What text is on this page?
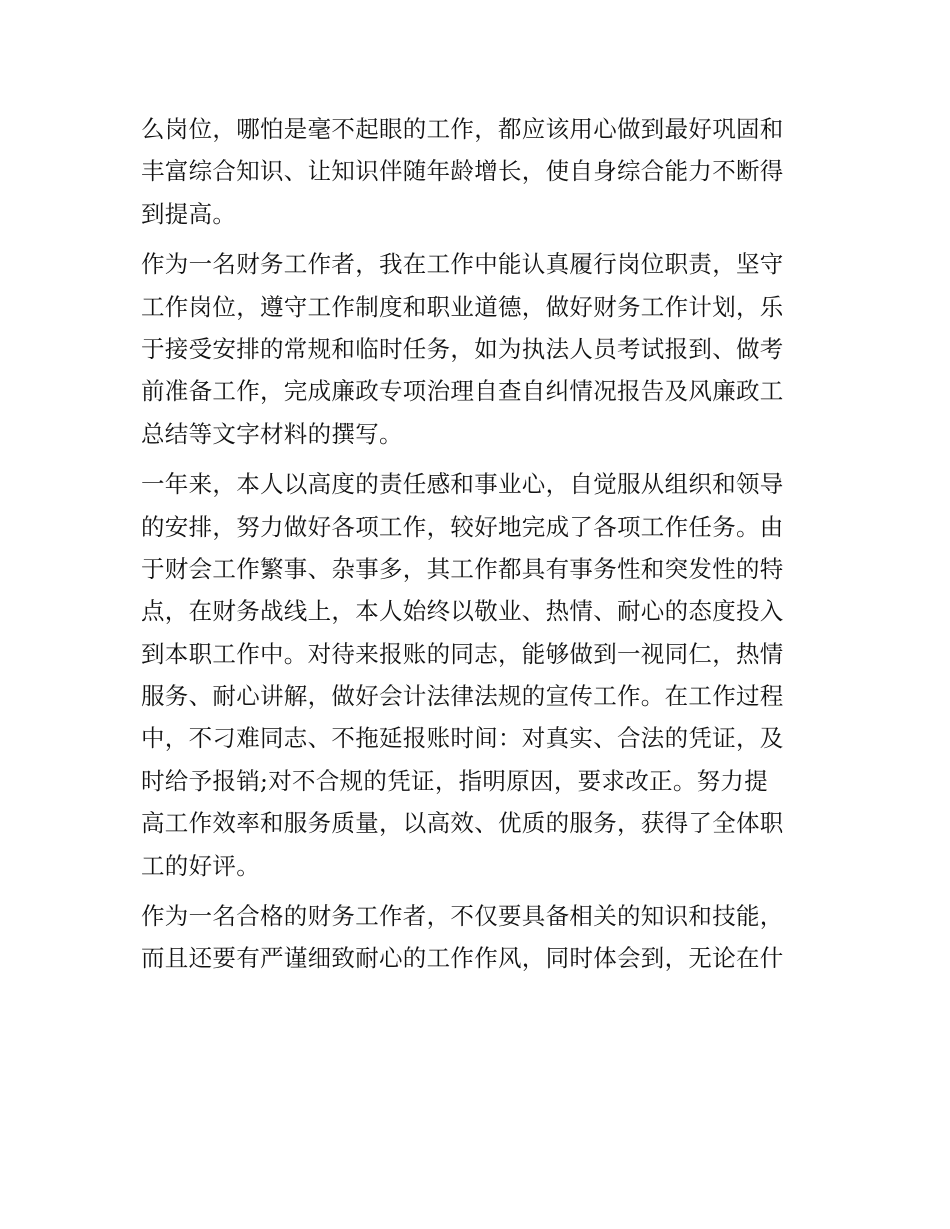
么岗位，哪怕是毫不起眼的工作，都应该用心做到最好巩固和
丰富综合知识、让知识伴随年龄增长，使自身综合能力不断得
到提高。
作为一名财务工作者，我在工作中能认真履行岗位职责，坚守
工作岗位，遵守工作制度和职业道德，做好财务工作计划，乐
于接受安排的常规和临时任务，如为执法人员考试报到、做考
前准备工作，完成廉政专项治理自查自纠情况报告及风廉政工
总结等文字材料的撰写。
一年来，本人以高度的责任感和事业心，自觉服从组织和领导
的安排，努力做好各项工作，较好地完成了各项工作任务。由
于财会工作繁事、杂事多，其工作都具有事务性和突发性的特
点，在财务战线上，本人始终以敬业、热情、耐心的态度投入
到本职工作中。对待来报账的同志，能够做到一视同仁，热情
服务、耐心讲解，做好会计法律法规的宣传工作。在工作过程
中，不刁难同志、不拖延报账时间：对真实、合法的凭证，及
时给予报销;对不合规的凭证，指明原因，要求改正。努力提
高工作效率和服务质量，以高效、优质的服务，获得了全体职
工的好评。
作为一名合格的财务工作者，不仅要具备相关的知识和技能，
而且还要有严谨细致耐心的工作作风，同时体会到，无论在什
